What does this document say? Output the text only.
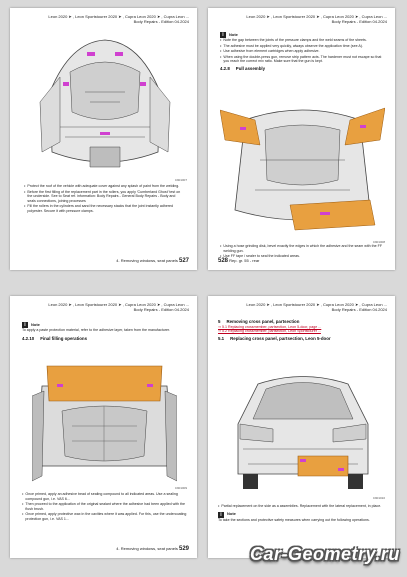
Leon 2020 ➤ , Leon Sportstourer 2020 ➤ , Cupra Leon 2020 ➤ , Cupra Leon ...
Body Repairs - Edition 04.2024
C901007
• Protect the roof of the vehicle with adequate cover against any splash of paint from the welding.
• Before the first filling of the replacement part in the rollers, you apply 'Cumberland Ghost' test on the underside. See to Seat ref. information: Body Repairs - General Body Repairs - Body and seals connections, joining processes
• Fill the rollers in the cylinders and sand the necessary stacks that the joint instantly adhered polyester. Secure it with pressure clamps.
4. Removing windows, seat panels 527
Leon 2020 ➤ , Leon Sportstourer 2020 ➤ , Cupra Leon 2020 ➤ , Cupra Leon ...
Body Repairs - Edition 04.2024
i	Note
• Note the gap between the joints of the pressure clamps and the weld seams of the sheets.
• The adhesive must be applied very quickly, always observe the application time (see A).
• Use adhesive from element cartridges when apply adhesive.
• When using the double-press gun, remove strip pattern acts. The hardener must not escape so that you reach the correct mix ratio. Make sure that the gun is kept.
4.2.8 Pull assembly
C901008
• Using a hose grinding disk, bevel exactly the edges in which the adhesive and the seam with the FF welding gun.
• Use FF tape / sealer to seal the indicated areas.
528 Rep. gr. 55 - rear
Leon 2020 ➤ , Leon Sportstourer 2020 ➤ , Cupra Leon 2020 ➤ , Cupra Leon ...
Body Repairs - Edition 04.2024
i	Note
To apply a paste protection material, refer to the adhesive layer, taken from the manufacturer.
4.2.10 Final filling operations
C901009
• Once primed, apply an adhesive bead of sealing compound to all indicated areas. Use a sealing compound gun, i.e. VAS 6...
• Then proceed to the application of the original sealant where the adhesive had been applied with the flush brush.
• Once primed, apply protective wax in the cavities where it was applied. For this, use the undercoating protection gun, i.e. VAS 1...
4. Removing windows, seat panels 529
Leon 2020 ➤ , Leon Sportstourer 2020 ➤ , Cupra Leon 2020 ➤ , Cupra Leon ...
Body Repairs - Edition 04.2024
5 Removing cross panel, partsection
⇒ 5.1 Replacing crossmember, partsection, Leon 5-door, page ...
⇒ 5.2 Replacing crossmember, partsection, Leon Sportstourer ...
5.1 Replacing cross panel, partsection, Leon 5-door
C901010
• Partial replacement on the side as a assemblies. Replacement with the lateral replacement, in place.
i	Note
To take the sections and protective safety measures when carrying out the following operations.
Car-Geometry.ru
